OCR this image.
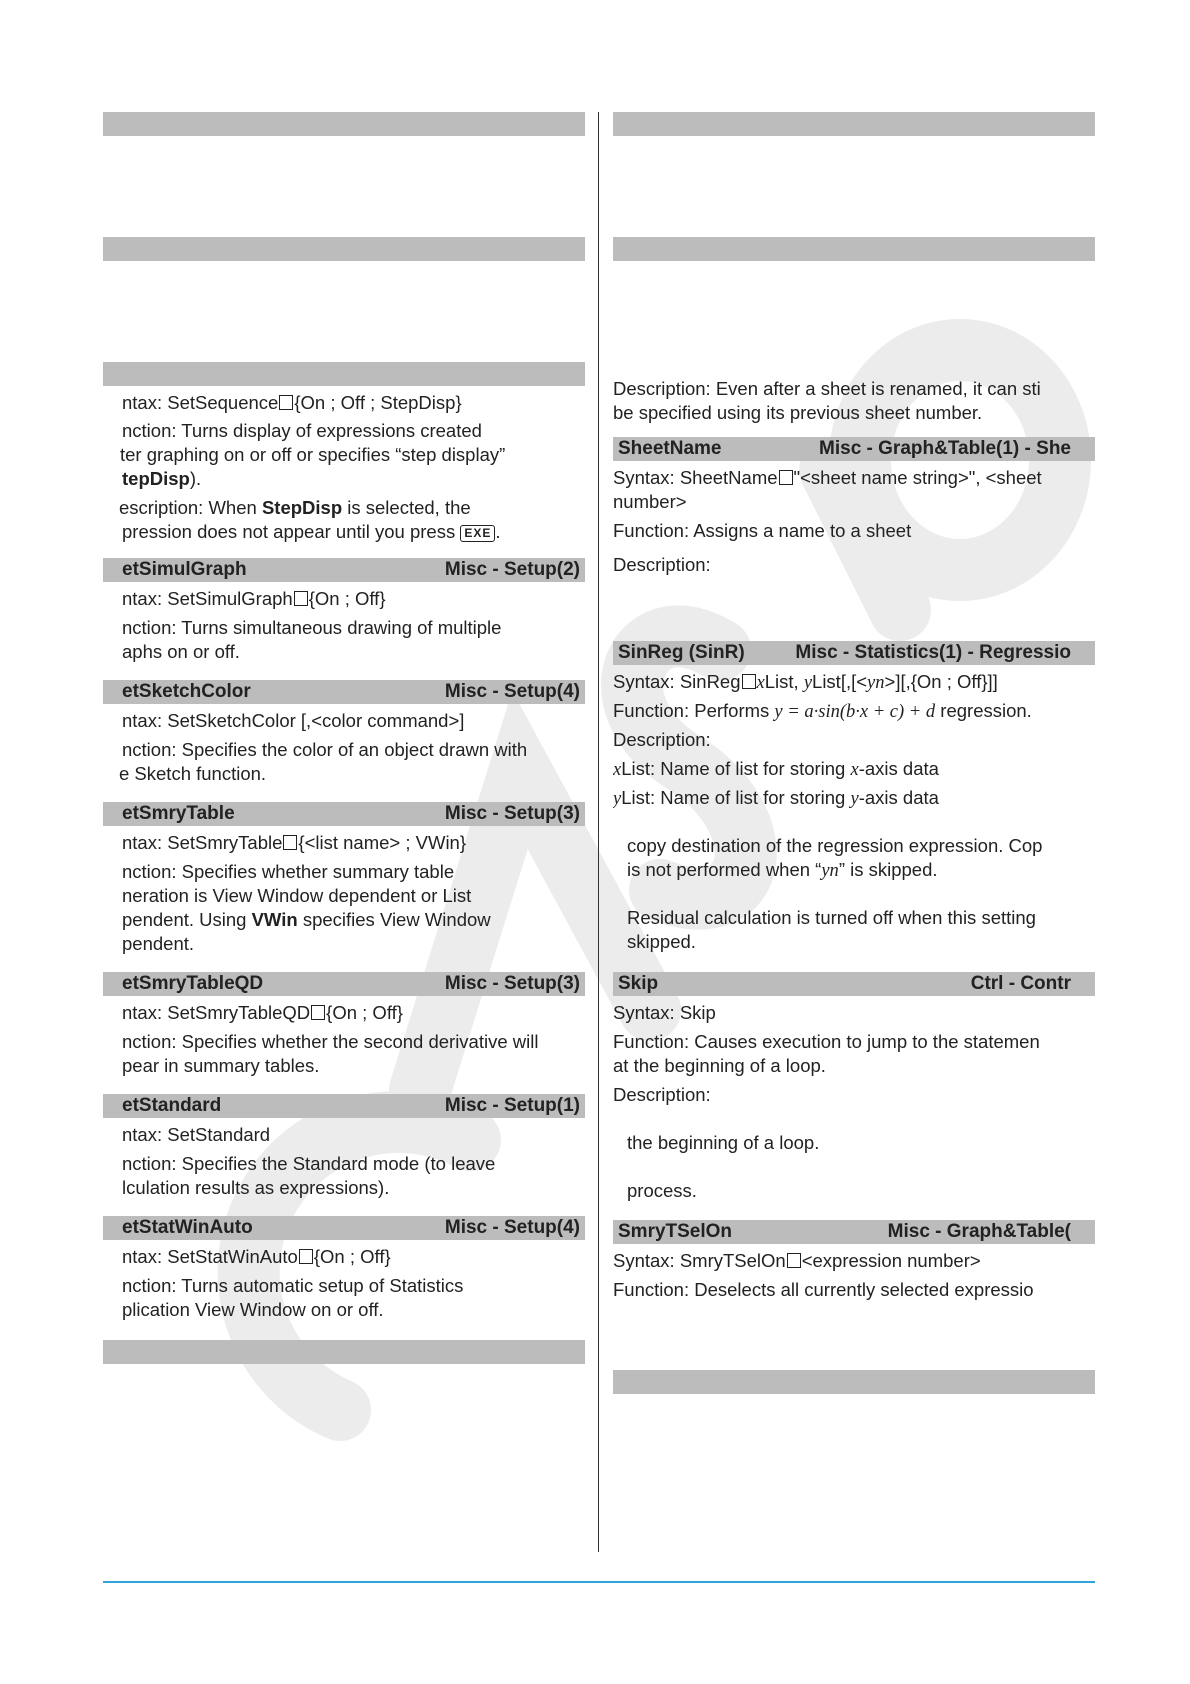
ntax: SetSequence {On ; Off ; StepDisp}
nction: Turns display of expressions created
ter graphing on or off or specifies “step display”
tepDisp).
escription: When StepDisp is selected, the
pression does not appear until you press EXE .
etSimulGraph	Misc - Setup(2)
ntax: SetSimulGraph {On ; Off}
nction: Turns simultaneous drawing of multiple
aphs on or off.
etSketchColor	Misc - Setup(4)
ntax: SetSketchColor [,<color command>]
nction: Specifies the color of an object drawn with
e Sketch function.
etSmryTable	Misc - Setup(3)
ntax: SetSmryTable {<list name> ; VWin}
nction: Specifies whether summary table
neration is View Window dependent or List
pendent. Using VWin specifies View Window
pendent.
etSmryTableQD	Misc - Setup(3)
ntax: SetSmryTableQD {On ; Off}
nction: Specifies whether the second derivative will
pear in summary tables.
etStandard	Misc - Setup(1)
ntax: SetStandard
nction: Specifies the Standard mode (to leave
lculation results as expressions).
etStatWinAuto	Misc - Setup(4)
ntax: SetStatWinAuto {On ; Off}
nction: Turns automatic setup of Statistics
plication View Window on or off.
Description: Even after a sheet is renamed, it can sti
be specified using its previous sheet number.
SheetName	Misc - Graph&Table(1) - She
Syntax: SheetName "<sheet name string>", <sheet
number>
Function: Assigns a name to a sheet
Description:
SinReg (SinR)	Misc - Statistics(1) - Regressio
Syntax: SinReg xList, yList[,[<yn>][,{On ; Off}]]
Function: Performs y = a·sin(b·x + c) + d regression.
Description:
xList: Name of list for storing x-axis data
yList: Name of list for storing y-axis data
copy destination of the regression expression. Cop
is not performed when “yn” is skipped.
Residual calculation is turned off when this setting
skipped.
Skip	Ctrl - Contr
Syntax: Skip
Function: Causes execution to jump to the statemen
at the beginning of a loop.
Description:
the beginning of a loop.
process.
SmryTSelOn	Misc - Graph&Table(
Syntax: SmryTSelOn <expression number>
Function: Deselects all currently selected expressio
